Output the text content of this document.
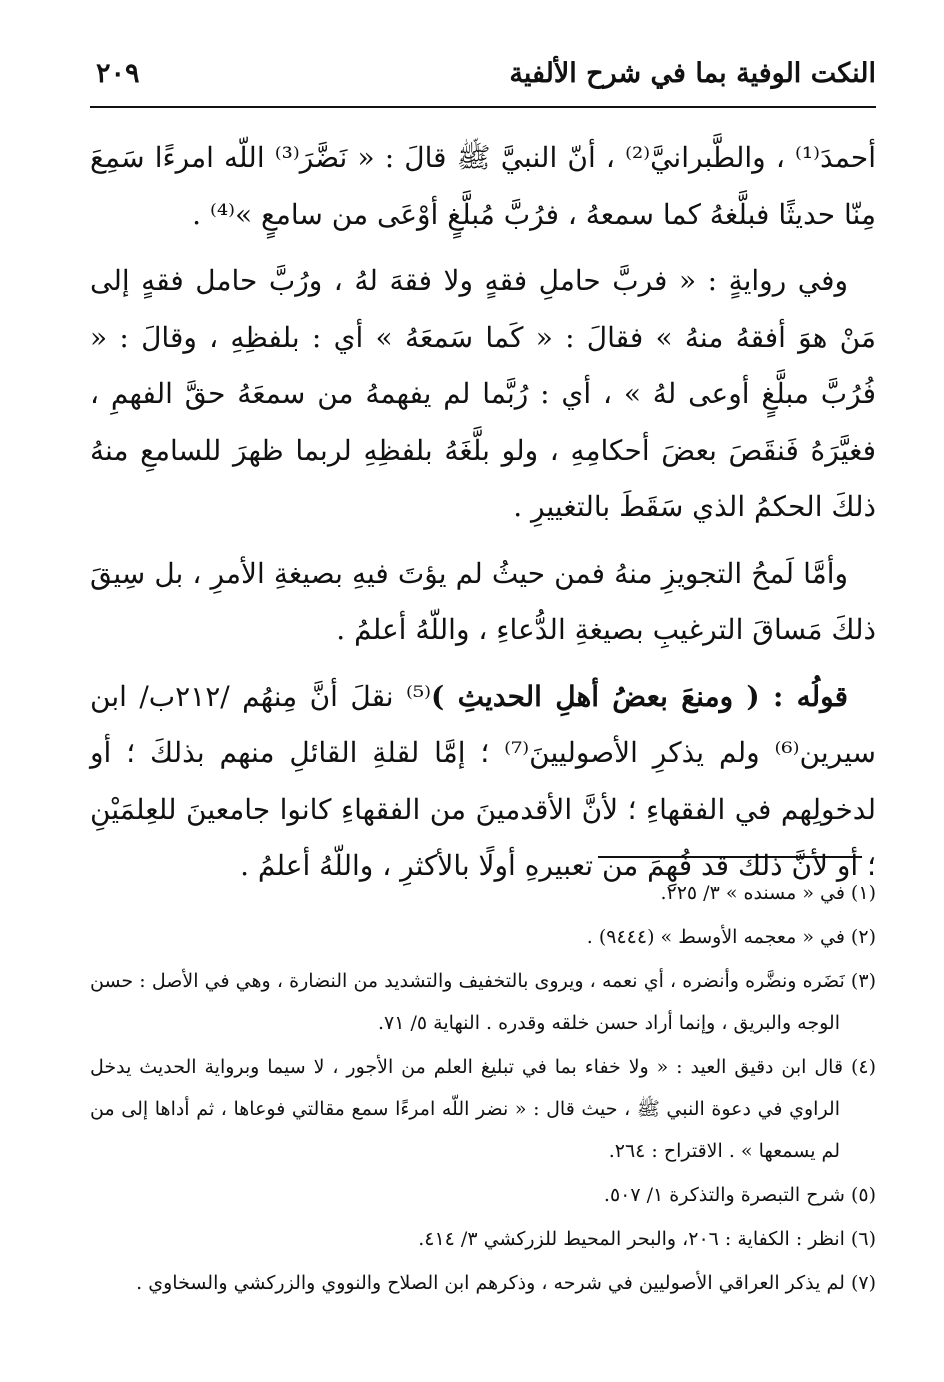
النكت الوفية بما في شرح الألفية
٢٠٩

أحمدَ⁽¹⁾ ، والطَّبرانيَّ⁽²⁾ ، أنّ النبيَّ ﷺ قالَ : « نَضَّرَ⁽³⁾ اللّه امرءًا سَمِعَ مِنّا حديثًا فبلَّغهُ كما سمعهُ ، فرُبَّ مُبلَّغٍ أوْعَى من سامعٍ »⁽⁴⁾ .

وفي روايةٍ : « فربَّ حاملِ فقهٍ ولا فقهَ لهُ ، ورُبَّ حامل فقهٍ إلى مَنْ هوَ أفقهُ منهُ » فقالَ : « كَما سَمعَهُ » أي : بلفظِهِ ، وقالَ : « فُرُبَّ مبلَّغٍ أوعى لهُ » ، أي : رُبَّما لم يفهمهُ من سمعَهُ حقَّ الفهمِ ، فغيَّرَهُ فَنقَصَ بعضَ أحكامِهِ ، ولو بلَّغَهُ بلفظِهِ لربما ظهرَ للسامعِ منهُ ذلكَ الحكمُ الذي سَقَطَ بالتغييرِ .

وأمَّا لَمحُ التجويزِ منهُ فمن حيثُ لم يؤتَ فيهِ بصيغةِ الأمرِ ، بل سِيقَ ذلكَ مَساقَ الترغيبِ بصيغةِ الدُّعاءِ ، واللّهُ أعلمُ .

قولُه : ( ومنعَ بعضُ أهلِ الحديثِ )⁽⁵⁾ نقلَ أنَّ مِنهُم /٢١٢ب/ ابن سيرين⁽⁶⁾ ولم يذكرِ الأصوليينَ⁽⁷⁾ ؛ إمَّا لقلةِ القائلِ منهم بذلكَ ؛ أو لدخولِهم في الفقهاءِ ؛ لأنَّ الأقدمينَ من الفقهاءِ كانوا جامعينَ للعِلمَيْنِ ؛ أو لأنَّ ذلك قد فُهِمَ من تعبيرهِ أولًا بالأكثرِ ، واللّهُ أعلمُ .

(١) في « مسنده » ٣/ ٢٢٥.

(٢) في « معجمه الأوسط » (٩٤٤٤) .

(٣) نَضَره ونضَّره وأنضره ، أي نعمه ، ويروى بالتخفيف والتشديد من النضارة ، وهي في الأصل : حسن الوجه والبريق ، وإنما أراد حسن خلقه وقدره . النهاية ٥/ ٧١.

(٤) قال ابن دقيق العيد : « ولا خفاء بما في تبليغ العلم من الأجور ، لا سيما وبرواية الحديث يدخل الراوي في دعوة النبي ﷺ ، حيث قال : « نضر اللّه امرءًا سمع مقالتي فوعاها ، ثم أداها إلى من لم يسمعها » . الاقتراح : ٢٦٤.

(٥) شرح التبصرة والتذكرة ١/ ٥٠٧.

(٦) انظر : الكفاية : ٢٠٦، والبحر المحيط للزركشي ٣/ ٤١٤.

(٧) لم يذكر العراقي الأصوليين في شرحه ، وذكرهم ابن الصلاح والنووي والزركشي والسخاوي .
